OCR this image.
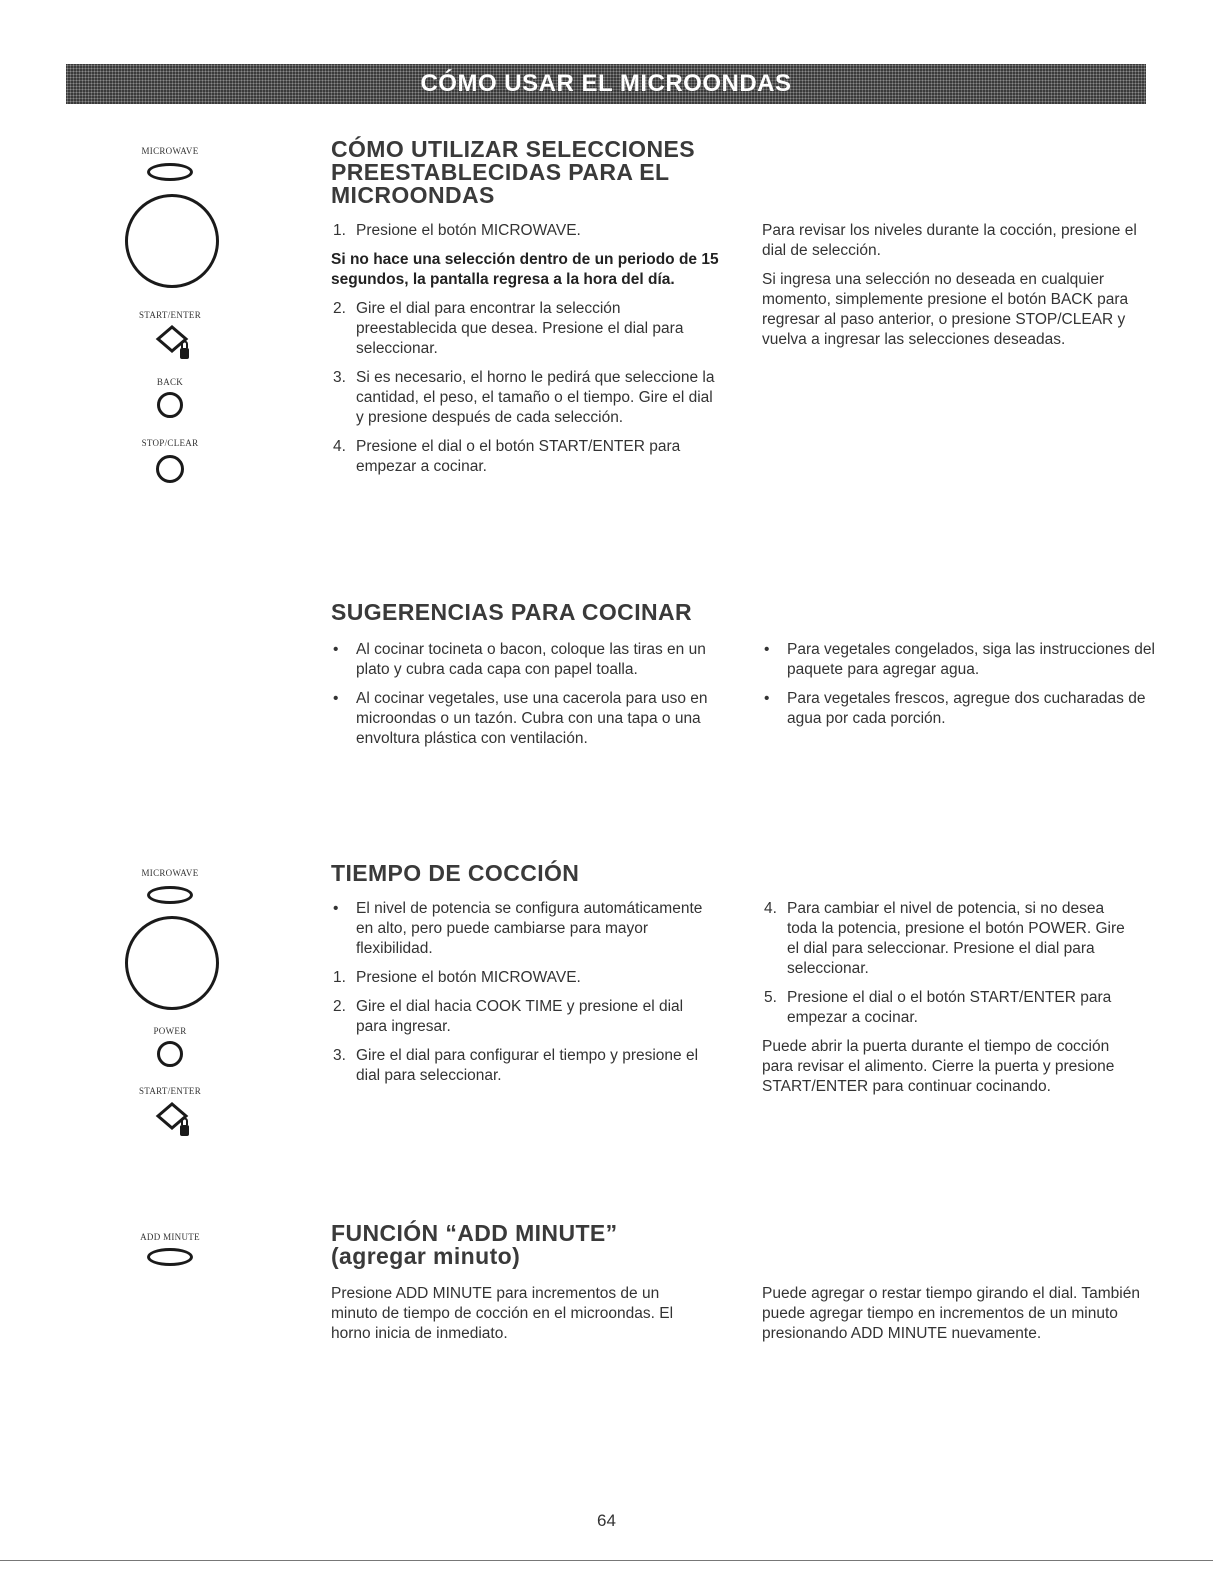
CÓMO USAR EL MICROONDAS
MICROWAVE
START/ENTER
BACK
STOP/CLEAR
CÓMO UTILIZAR SELECCIONES
PREESTABLECIDAS PARA EL
MICROONDAS
1. Presione el botón MICROWAVE.

Si no hace una selección dentro de un periodo de 15 segundos, la pantalla regresa a la hora del día.

2. Gire el dial para encontrar la selección preestablecida que desea. Presione el dial para seleccionar.
3. Si es necesario, el horno le pedirá que seleccione la cantidad, el peso, el tamaño o el tiempo. Gire el dial y presione después de cada selección.
4. Presione el dial o el botón START/ENTER para empezar a cocinar.

Para revisar los niveles durante la cocción, presione el dial de selección.

Si ingresa una selección no deseada en cualquier momento, simplemente presione el botón BACK para regresar al paso anterior, o presione STOP/CLEAR y vuelva a ingresar las selecciones deseadas.

SUGERENCIAS PARA COCINAR
• Al cocinar tocineta o bacon, coloque las tiras en un plato y cubra cada capa con papel toalla.
• Al cocinar vegetales, use una cacerola para uso en microondas o un tazón. Cubra con una tapa o una envoltura plástica con ventilación.
• Para vegetales congelados, siga las instrucciones del paquete para agregar agua.
• Para vegetales frescos, agregue dos cucharadas de agua por cada porción.
MICROWAVE
POWER
START/ENTER
TIEMPO DE COCCIÓN
• El nivel de potencia se configura automáticamente en alto, pero puede cambiarse para mayor flexibilidad.
1. Presione el botón MICROWAVE.
2. Gire el dial hacia COOK TIME y presione el dial para ingresar.
3. Gire el dial para configurar el tiempo y presione el dial para seleccionar.
4. Para cambiar el nivel de potencia, si no desea toda la potencia, presione el botón POWER. Gire el dial para seleccionar. Presione el dial para seleccionar.
5. Presione el dial o el botón START/ENTER para empezar a cocinar.

Puede abrir la puerta durante el tiempo de cocción para revisar el alimento. Cierre la puerta y presione START/ENTER para continuar cocinando.

ADD MINUTE	FUNCIÓN “ADD MINUTE”
(agregar minuto)

Presione ADD MINUTE para incrementos de un minuto de tiempo de cocción en el microondas. El horno inicia de inmediato.

Puede agregar o restar tiempo girando el dial. También puede agregar tiempo en incrementos de un minuto presionando ADD MINUTE nuevamente.

64
